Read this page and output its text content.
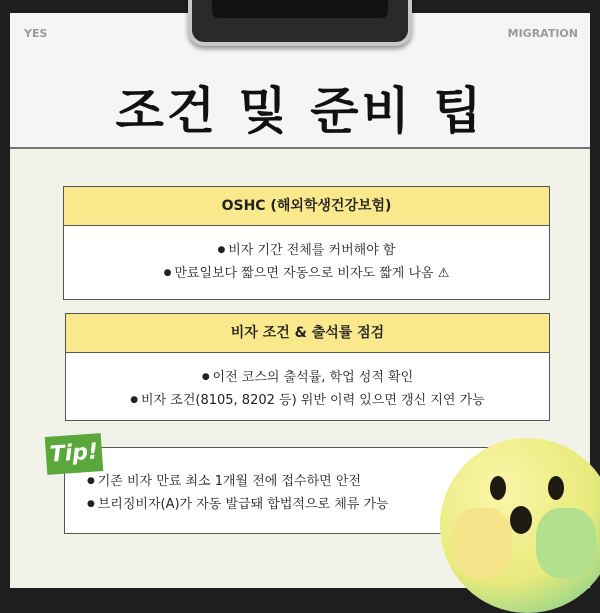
YES	MIGRATION
조건 및 준비 팁
OSHC (해외학생건강보험)
● 비자 기간 전체를 커버해야 함
● 만료일보다 짧으면 자동으로 비자도 짧게 나옴 ⚠
비자 조건 & 출석률 점검
● 이전 코스의 출석률, 학업 성적 확인
● 비자 조건(8105, 8202 등) 위반 이력 있으면 갱신 지연 가능
Tip!
● 기존 비자 만료 최소 1개월 전에 접수하면 안전
● 브리징비자(A)가 자동 발급돼 합법적으로 체류 가능
